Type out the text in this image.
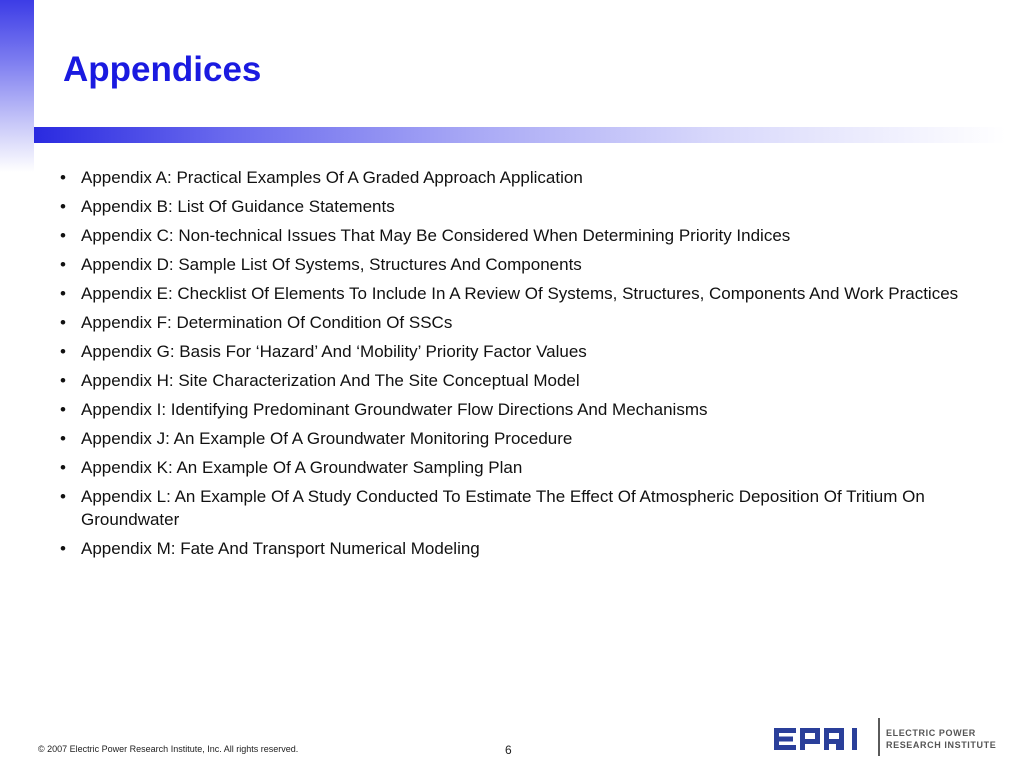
Appendices
• Appendix A: Practical Examples Of A Graded Approach Application
• Appendix B: List Of Guidance Statements
• Appendix C: Non-technical Issues That May Be Considered When Determining Priority Indices
• Appendix D: Sample List Of Systems, Structures And Components
• Appendix E: Checklist Of Elements To Include In A Review Of Systems, Structures, Components And Work Practices
• Appendix F: Determination Of Condition Of SSCs
• Appendix G: Basis For ‘Hazard’ And ‘Mobility’ Priority Factor Values
• Appendix H: Site Characterization And The Site Conceptual Model
• Appendix I: Identifying Predominant Groundwater Flow Directions And Mechanisms
• Appendix J: An Example Of A Groundwater Monitoring Procedure
• Appendix K: An Example Of A Groundwater Sampling Plan
• Appendix L: An Example Of A Study Conducted To Estimate The Effect Of Atmospheric Deposition Of Tritium On Groundwater
• Appendix M: Fate And Transport Numerical Modeling
© 2007 Electric Power Research Institute, Inc. All rights reserved.	6
ELECTRIC POWER
RESEARCH INSTITUTE
